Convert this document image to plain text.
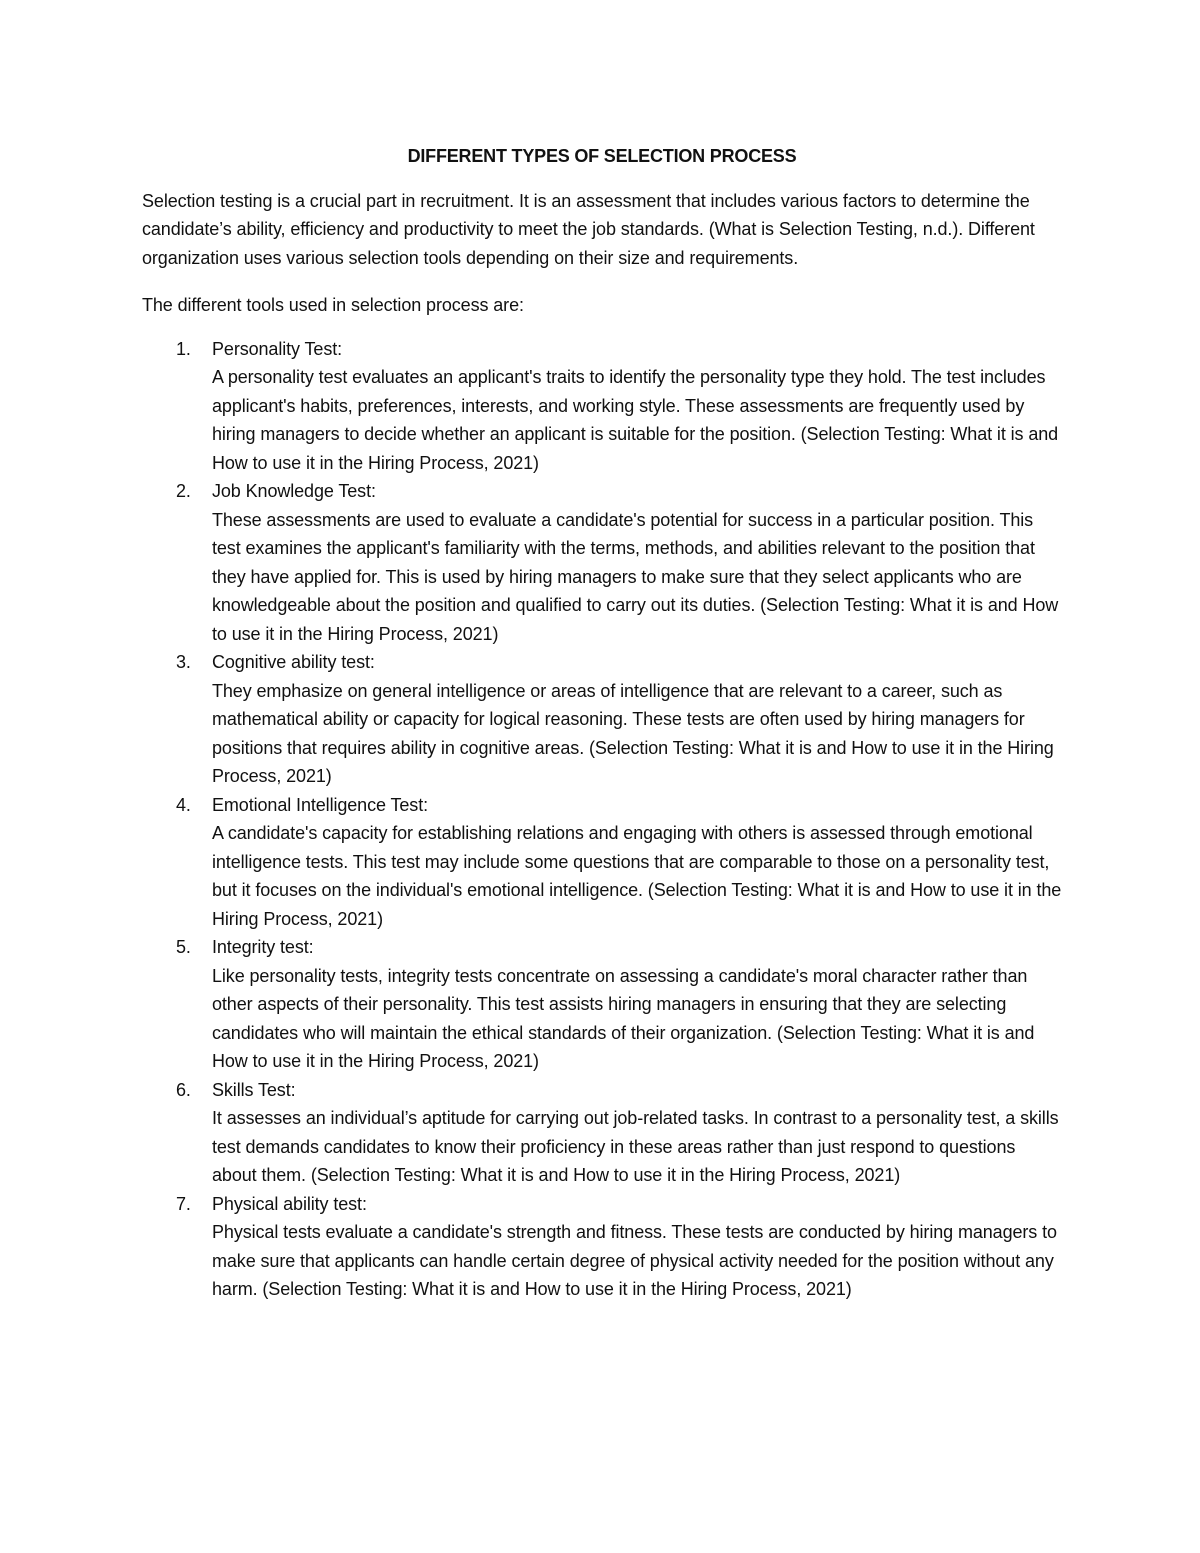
DIFFERENT TYPES OF SELECTION PROCESS

Selection testing is a crucial part in recruitment. It is an assessment that includes various factors to determine the candidate’s ability, efficiency and productivity to meet the job standards. (What is Selection Testing, n.d.). Different organization uses various selection tools depending on their size and requirements.

The different tools used in selection process are:

1. Personality Test:
A personality test evaluates an applicant's traits to identify the personality type they hold. The test includes applicant's habits, preferences, interests, and working style. These assessments are frequently used by hiring managers to decide whether an applicant is suitable for the position. (Selection Testing: What it is and How to use it in the Hiring Process, 2021)
2. Job Knowledge Test:
These assessments are used to evaluate a candidate's potential for success in a particular position. This test examines the applicant's familiarity with the terms, methods, and abilities relevant to the position that they have applied for. This is used by hiring managers to make sure that they select applicants who are knowledgeable about the position and qualified to carry out its duties. (Selection Testing: What it is and How to use it in the Hiring Process, 2021)
3. Cognitive ability test:
They emphasize on general intelligence or areas of intelligence that are relevant to a career, such as mathematical ability or capacity for logical reasoning. These tests are often used by hiring managers for positions that requires ability in cognitive areas. (Selection Testing: What it is and How to use it in the Hiring Process, 2021)
4. Emotional Intelligence Test:
A candidate's capacity for establishing relations and engaging with others is assessed through emotional intelligence tests. This test may include some questions that are comparable to those on a personality test, but it focuses on the individual's emotional intelligence. (Selection Testing: What it is and How to use it in the Hiring Process, 2021)
5. Integrity test:
Like personality tests, integrity tests concentrate on assessing a candidate's moral character rather than other aspects of their personality. This test assists hiring managers in ensuring that they are selecting candidates who will maintain the ethical standards of their organization. (Selection Testing: What it is and How to use it in the Hiring Process, 2021)
6. Skills Test:
It assesses an individual’s aptitude for carrying out job-related tasks. In contrast to a personality test, a skills test demands candidates to know their proficiency in these areas rather than just respond to questions about them. (Selection Testing: What it is and How to use it in the Hiring Process, 2021)
7. Physical ability test:
Physical tests evaluate a candidate's strength and fitness. These tests are conducted by hiring managers to make sure that applicants can handle certain degree of physical activity needed for the position without any harm. (Selection Testing: What it is and How to use it in the Hiring Process, 2021)
